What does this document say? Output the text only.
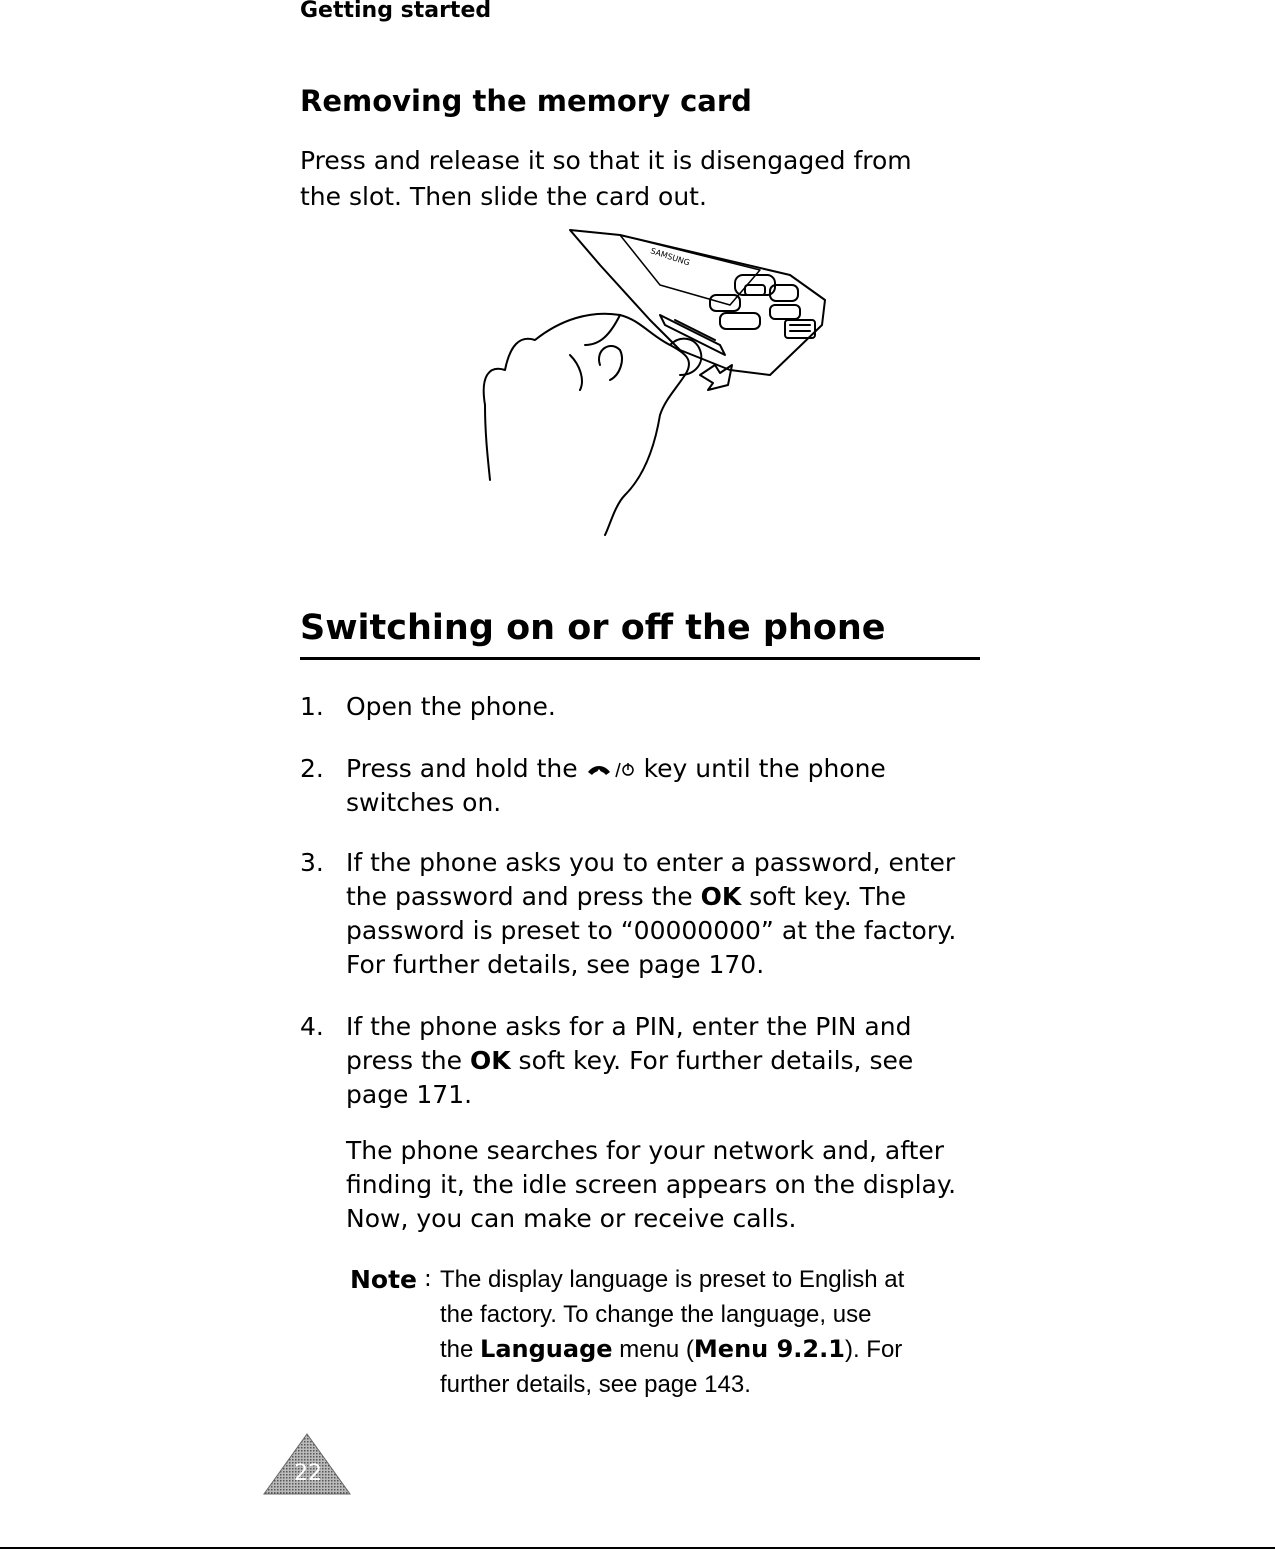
Getting started
Removing the memory card
Press and release it so that it is disengaged from
the slot. Then slide the card out.
SAMSUNG
Switching on or off the phone
1. Open the phone.
2. Press and hold the	key until the phone
switches on.
3. If the phone asks you to enter a password, enter
the password and press the OK soft key. The
password is preset to “00000000” at the factory.
For further details, see page 170.
4. If the phone asks for a PIN, enter the PIN and
press the OK soft key. For further details, see
page 171.
The phone searches for your network and, after
finding it, the idle screen appears on the display.
Now, you can make or receive calls.
Note : The display language is preset to English at
the factory. To change the language, use
the Language menu (Menu 9.2.1). For
further details, see page 143.
22
